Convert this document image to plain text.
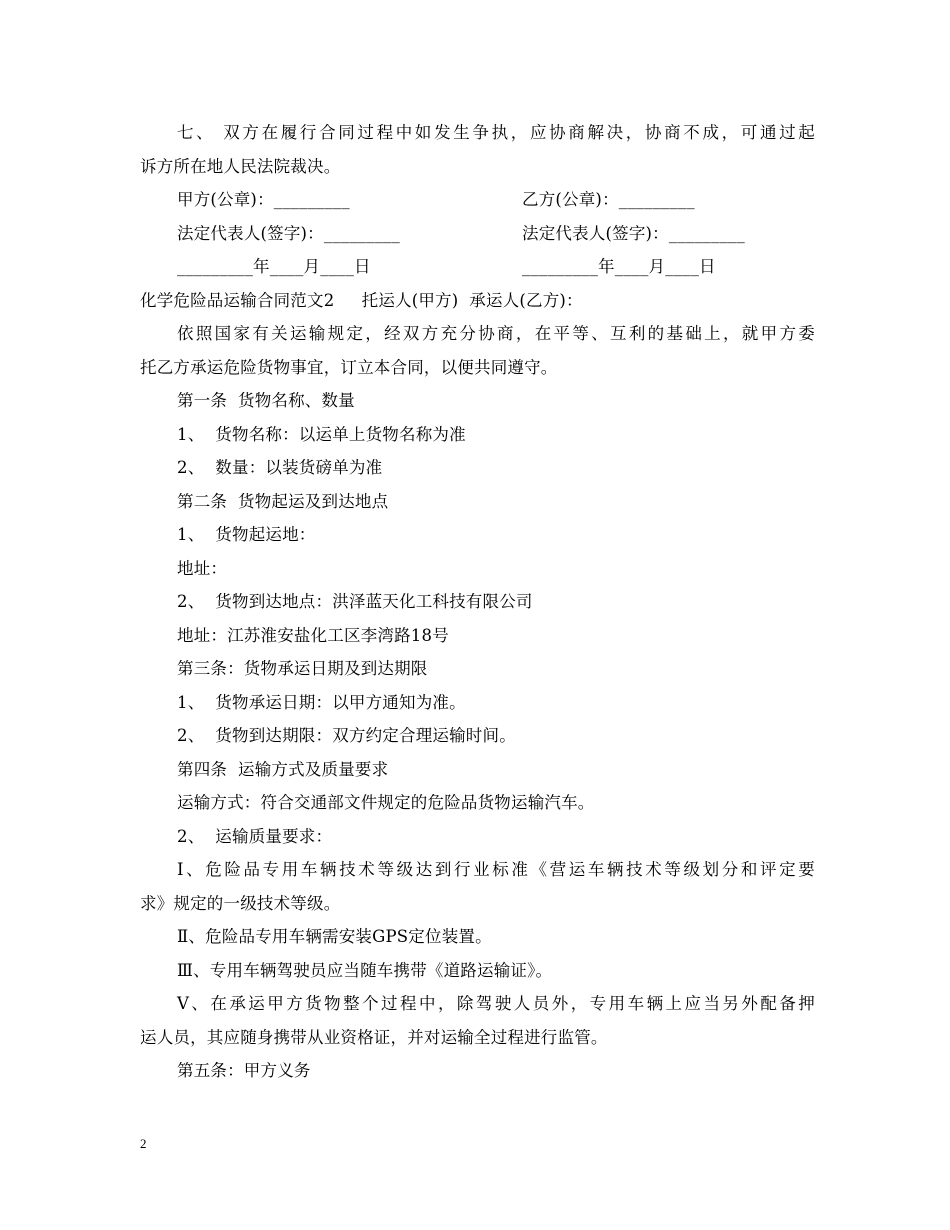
七、 双方在履行合同过程中如发生争执，应协商解决，协商不成，可通过起
诉方所在地人民法院裁决。
甲方(公章)：_________	乙方(公章)：_________
法定代表人(签字)：_________	法定代表人(签字)：_________
_________年____月____日	_________年____月____日
化学危险品运输合同范文2     托运人(甲方)  承运人(乙方)：
依照国家有关运输规定，经双方充分协商，在平等、互利的基础上，就甲方委
托乙方承运危险货物事宜，订立本合同，以便共同遵守。
第一条  货物名称、数量
1、  货物名称：以运单上货物名称为准
2、  数量：以装货磅单为准
第二条  货物起运及到达地点
1、  货物起运地：
地址：
2、  货物到达地点：洪泽蓝天化工科技有限公司
地址：江苏淮安盐化工区李湾路18号
第三条：货物承运日期及到达期限
1、  货物承运日期：以甲方通知为准。
2、  货物到达期限：双方约定合理运输时间。
第四条  运输方式及质量要求
运输方式：符合交通部文件规定的危险品货物运输汽车。
2、  运输质量要求：
Ⅰ、危险品专用车辆技术等级达到行业标准《营运车辆技术等级划分和评定要
求》规定的一级技术等级。
Ⅱ、危险品专用车辆需安装GPS定位装置。
Ⅲ、专用车辆驾驶员应当随车携带《道路运输证》。
Ⅴ、在承运甲方货物整个过程中，除驾驶人员外，专用车辆上应当另外配备押
运人员，其应随身携带从业资格证，并对运输全过程进行监管。
第五条：甲方义务
2
